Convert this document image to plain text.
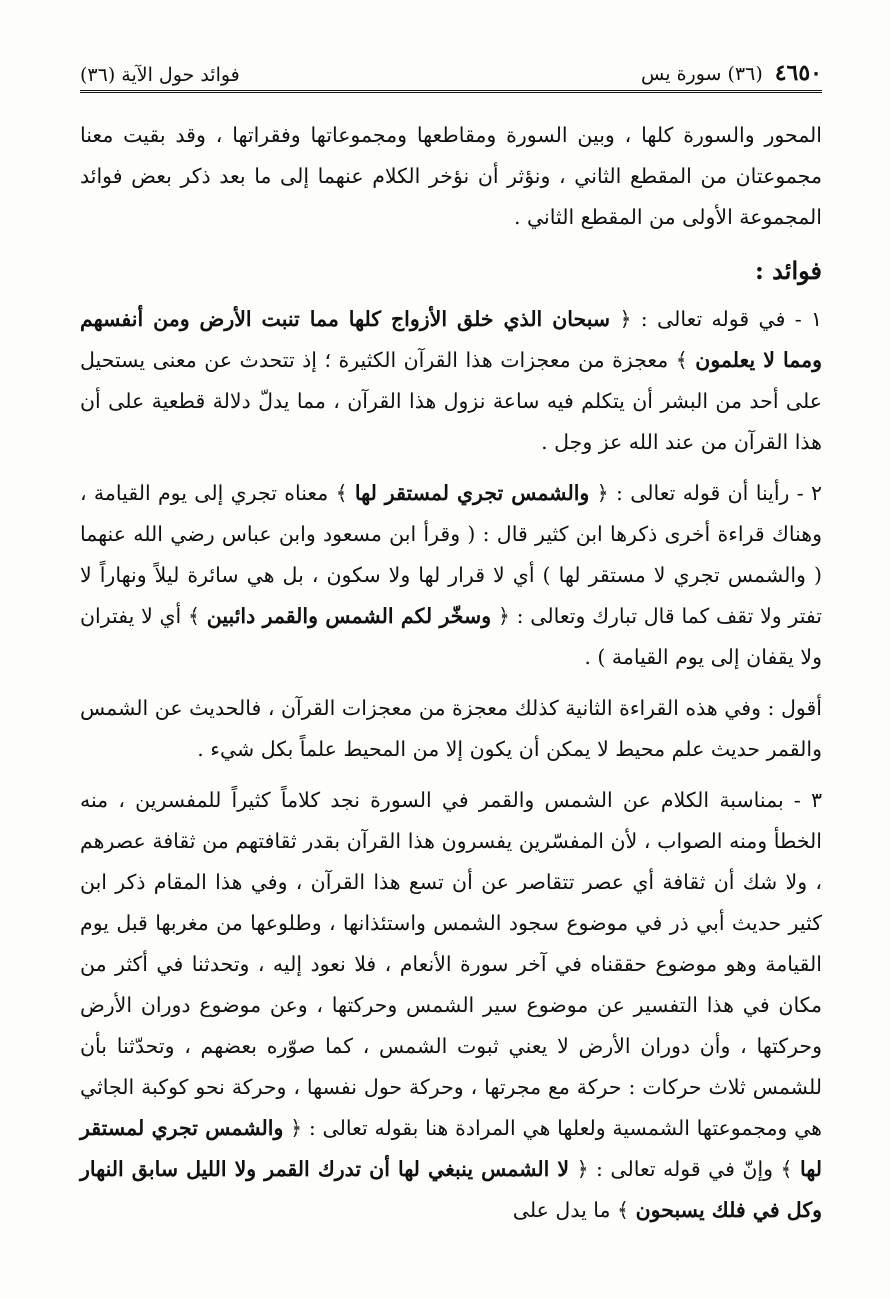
٤٦٥٠
(٣٦) سورة يس
فوائد حول الآية (٣٦)

المحور والسورة كلها ، وبين السورة ومقاطعها ومجموعاتها وفقراتها ، وقد بقيت معنا مجموعتان من المقطع الثاني ، ونؤثر أن نؤخر الكلام عنهما إلى ما بعد ذكر بعض فوائد المجموعة الأولى من المقطع الثاني .

فوائد :

١ - في قوله تعالى : ﴿ سبحان الذي خلق الأزواج كلها مما تنبت الأرض ومن أنفسهم ومما لا يعلمون ﴾ معجزة من معجزات هذا القرآن الكثيرة ؛ إذ تتحدث عن معنى يستحيل على أحد من البشر أن يتكلم فيه ساعة نزول هذا القرآن ، مما يدلّ دلالة قطعية على أن هذا القرآن من عند الله عز وجل .

٢ - رأينا أن قوله تعالى : ﴿ والشمس تجري لمستقر لها ﴾ معناه تجري إلى يوم القيامة ، وهناك قراءة أخرى ذكرها ابن كثير قال : ( وقرأ ابن مسعود وابن عباس رضي الله عنهما ( والشمس تجري لا مستقر لها ) أي لا قرار لها ولا سكون ، بل هي سائرة ليلاً ونهاراً لا تفتر ولا تقف كما قال تبارك وتعالى : ﴿ وسخّر لكم الشمس والقمر دائبين ﴾ أي لا يفتران ولا يقفان إلى يوم القيامة ) .

أقول : وفي هذه القراءة الثانية كذلك معجزة من معجزات القرآن ، فالحديث عن الشمس والقمر حديث علم محيط لا يمكن أن يكون إلا من المحيط علماً بكل شيء .

٣ - بمناسبة الكلام عن الشمس والقمر في السورة نجد كلاماً كثيراً للمفسرين ، منه الخطأ ومنه الصواب ، لأن المفسّرين يفسرون هذا القرآن بقدر ثقافتهم من ثقافة عصرهم ، ولا شك أن ثقافة أي عصر تتقاصر عن أن تسع هذا القرآن ، وفي هذا المقام ذكر ابن كثير حديث أبي ذر في موضوع سجود الشمس واستئذانها ، وطلوعها من مغربها قبل يوم القيامة وهو موضوع حققناه في آخر سورة الأنعام ، فلا نعود إليه ، وتحدثنا في أكثر من مكان في هذا التفسير عن موضوع سير الشمس وحركتها ، وعن موضوع دوران الأرض وحركتها ، وأن دوران الأرض لا يعني ثبوت الشمس ، كما صوّره بعضهم ، وتحدّثنا بأن للشمس ثلاث حركات : حركة مع مجرتها ، وحركة حول نفسها ، وحركة نحو كوكبة الجاثي هي ومجموعتها الشمسية ولعلها هي المرادة هنا بقوله تعالى : ﴿ والشمس تجري لمستقر لها ﴾ وإنّ في قوله تعالى : ﴿ لا الشمس ينبغي لها أن تدرك القمر ولا الليل سابق النهار وكل في فلك يسبحون ﴾ ما يدل على
